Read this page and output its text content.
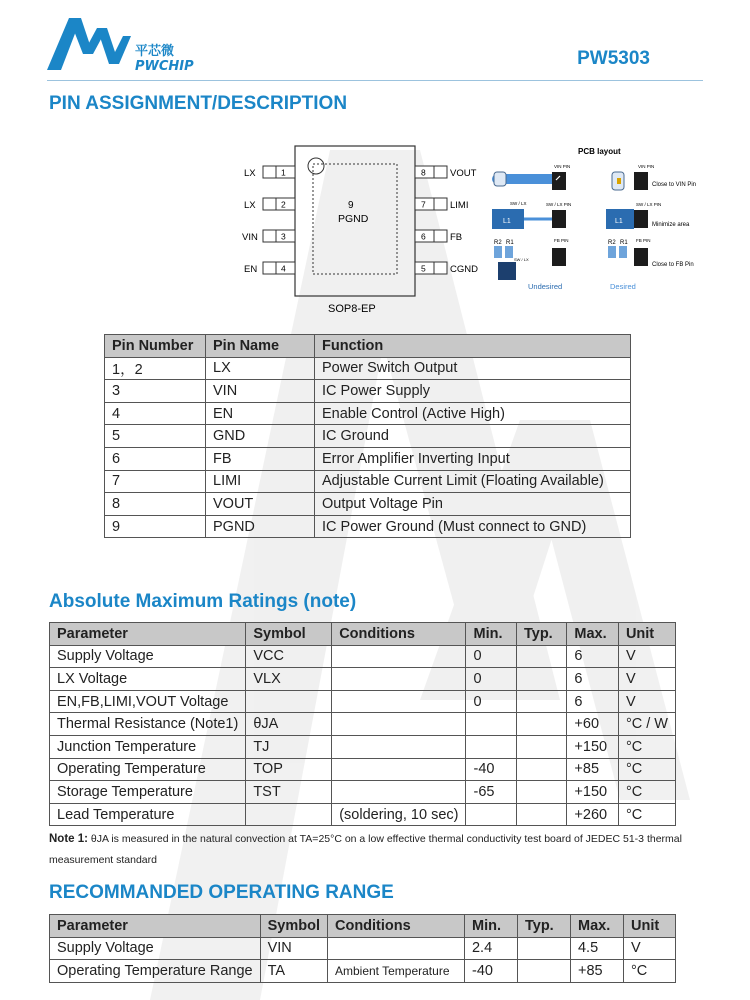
平芯微
PWCHIP	PW5303
PIN ASSIGNMENT/DESCRIPTION
9
PGND
SOP8-EP
LX	1
LX	2
VIN	3
EN	4
8	VOUT
7	LIMI
6	FB
5	CGND
PCB layout
VIN PIN
L1
SW / LX PIN
SW / LX
R2 R1
SW / LX
FB PIN
Undesired
VIN PIN
Close to VIN Pin
L1
SW / LX PIN
Minimize area
R2 R1 FB PIN
Close to FB Pin
Desired
Pin Number	Pin Name	Function
1，2	LX	Power Switch Output
3	VIN	IC Power Supply
4	EN	Enable Control (Active High)
5	GND	IC Ground
6	FB	Error Amplifier Inverting Input
7	LIMI	Adjustable Current Limit (Floating Available)
8	VOUT	Output Voltage Pin
9	PGND	IC Power Ground (Must connect to GND)
Absolute Maximum Ratings (note)
Parameter	Symbol	Conditions	Min.	Typ.	Max.	Unit
Supply Voltage	VCC		0		6	V
LX Voltage	VLX		0		6	V
EN,FB,LIMI,VOUT Voltage			0		6	V
Thermal Resistance (Note1)	θJA				+60	°C / W
Junction Temperature	TJ				+150	°C
Operating Temperature	TOP		-40		+85	°C
Storage Temperature	TST		-65		+150	°C
Lead Temperature		(soldering, 10 sec)			+260	°C
Note 1: θJA is measured in the natural convection at TA=25°C on a low effective thermal conductivity test board of JEDEC 51-3 thermal measurement standard
RECOMMANDED OPERATING RANGE
Parameter	Symbol	Conditions	Min.	Typ.	Max.	Unit
Supply Voltage	VIN		2.4		4.5	V
Operating Temperature Range	TA	Ambient Temperature	-40		+85	°C
